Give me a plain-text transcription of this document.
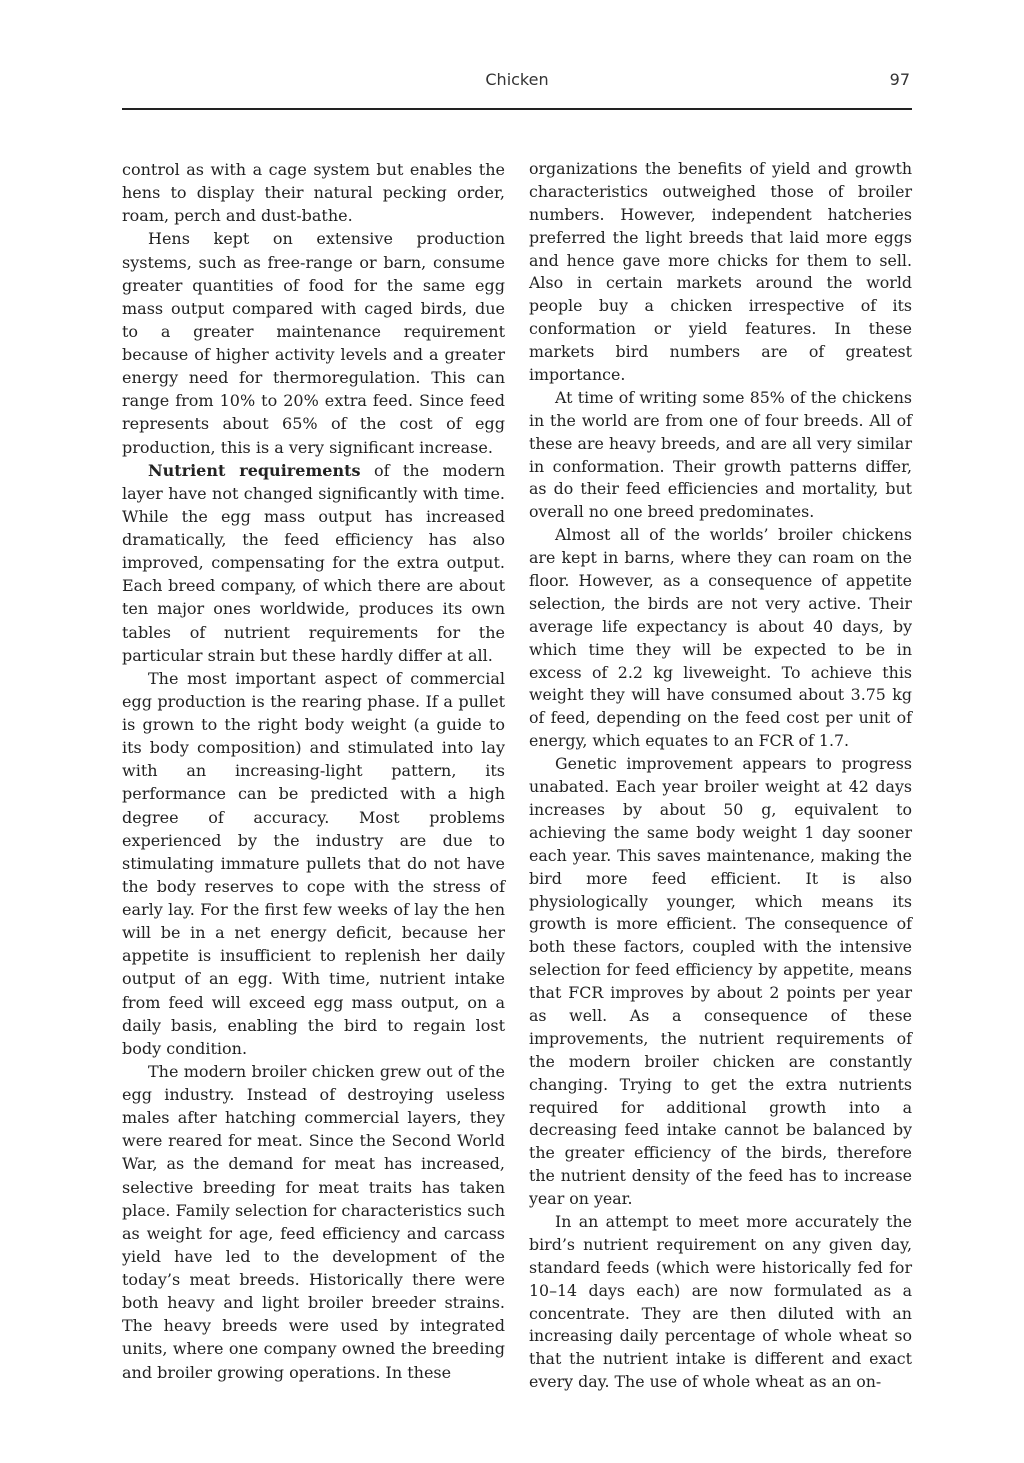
Chicken	97

control as with a cage system but enables the hens to display their natural pecking order, roam, perch and dust-bathe.

Hens kept on extensive production systems, such as free-range or barn, consume greater quantities of food for the same egg mass output compared with caged birds, due to a greater maintenance requirement because of higher activity levels and a greater energy need for thermoregulation. This can range from 10% to 20% extra feed. Since feed represents about 65% of the cost of egg production, this is a very significant increase.

Nutrient requirements of the modern layer have not changed significantly with time. While the egg mass output has increased dramatically, the feed efficiency has also improved, compensating for the extra output. Each breed company, of which there are about ten major ones worldwide, produces its own tables of nutrient requirements for the particular strain but these hardly differ at all.

The most important aspect of commercial egg production is the rearing phase. If a pullet is grown to the right body weight (a guide to its body composition) and stimulated into lay with an increasing-light pattern, its performance can be predicted with a high degree of accuracy. Most problems experienced by the industry are due to stimulating immature pullets that do not have the body reserves to cope with the stress of early lay. For the first few weeks of lay the hen will be in a net energy deficit, because her appetite is insufficient to replenish her daily output of an egg. With time, nutrient intake from feed will exceed egg mass output, on a daily basis, enabling the bird to regain lost body condition.

The modern broiler chicken grew out of the egg industry. Instead of destroying useless males after hatching commercial layers, they were reared for meat. Since the Second World War, as the demand for meat has increased, selective breeding for meat traits has taken place. Family selection for characteristics such as weight for age, feed efficiency and carcass yield have led to the development of the today’s meat breeds. Historically there were both heavy and light broiler breeder strains. The heavy breeds were used by integrated units, where one company owned the breeding and broiler growing operations. In these

organizations the benefits of yield and growth characteristics outweighed those of broiler numbers. However, independent hatcheries preferred the light breeds that laid more eggs and hence gave more chicks for them to sell. Also in certain markets around the world people buy a chicken irrespective of its conformation or yield features. In these markets bird numbers are of greatest importance.

At time of writing some 85% of the chickens in the world are from one of four breeds. All of these are heavy breeds, and are all very similar in conformation. Their growth patterns differ, as do their feed efficiencies and mortality, but overall no one breed predominates.

Almost all of the worlds’ broiler chickens are kept in barns, where they can roam on the floor. However, as a consequence of appetite selection, the birds are not very active. Their average life expectancy is about 40 days, by which time they will be expected to be in excess of 2.2 kg liveweight. To achieve this weight they will have consumed about 3.75 kg of feed, depending on the feed cost per unit of energy, which equates to an FCR of 1.7.

Genetic improvement appears to progress unabated. Each year broiler weight at 42 days increases by about 50 g, equivalent to achieving the same body weight 1 day sooner each year. This saves maintenance, making the bird more feed efficient. It is also physiologically younger, which means its growth is more efficient. The consequence of both these factors, coupled with the intensive selection for feed efficiency by appetite, means that FCR improves by about 2 points per year as well. As a consequence of these improvements, the nutrient requirements of the modern broiler chicken are constantly changing. Trying to get the extra nutrients required for additional growth into a decreasing feed intake cannot be balanced by the greater efficiency of the birds, therefore the nutrient density of the feed has to increase year on year.

In an attempt to meet more accurately the bird’s nutrient requirement on any given day, standard feeds (which were historically fed for 10–14 days each) are now formulated as a concentrate. They are then diluted with an increasing daily percentage of whole wheat so that the nutrient intake is different and exact every day. The use of whole wheat as an on-
